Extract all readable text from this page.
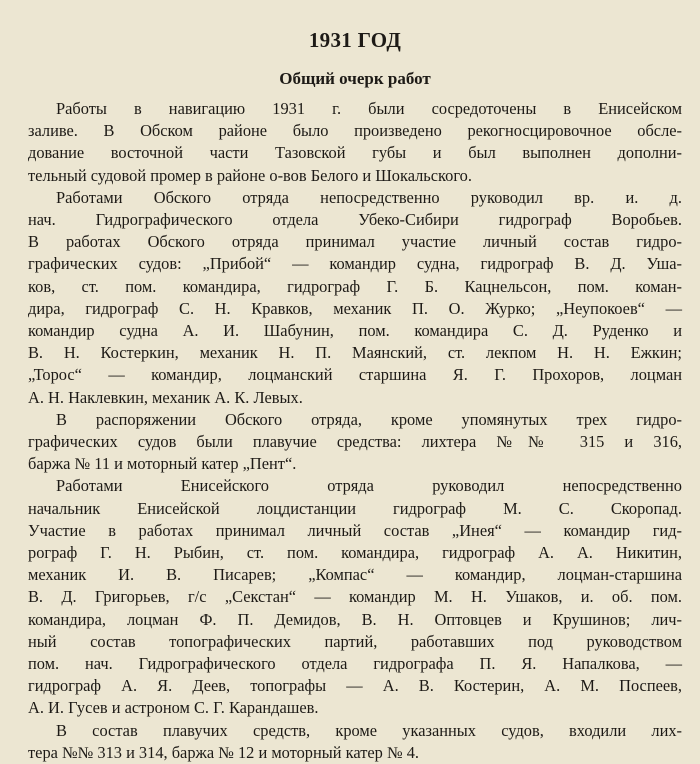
1931 ГОД
Общий очерк работ
Работы в навигацию 1931 г. были сосредоточены в Енисейском
заливе. В Обском районе было произведено рекогносцировочное обсле-
дование восточной части Тазовской губы и был выполнен дополни-
тельный судовой промер в районе о-вов Белого и Шокальского.
Работами Обского отряда непосредственно руководил вр. и. д.
нач. Гидрографического отдела Убеко-Сибири гидрограф Воробьев.
В работах Обского отряда принимал участие личный состав гидро-
графических судов: „Прибой“ — командир судна, гидрограф В. Д. Уша-
ков, ст. пом. командира, гидрограф Г. Б. Кацнельсон, пом. коман-
дира, гидрограф С. Н. Кравков, механик П. О. Журко; „Неупокоев“ —
командир судна А. И. Шабунин, пом. командира С. Д. Руденко и
В. Н. Костеркин, механик Н. П. Маянский, ст. лекпом Н. Н. Ежкин;
„Торос“ — командир, лоцманский старшина Я. Г. Прохоров, лоцман
А. Н. Наклевкин, механик А. К. Левых.
В распоряжении Обского отряда, кроме упомянутых трех гидро-
графических судов были плавучие средства: лихтера №№ 315 и 316,
баржа № 11 и моторный катер „Пент“.
Работами Енисейского отряда руководил непосредственно
начальник Енисейской лоцдистанции гидрограф М. С. Скоропад.
Участие в работах принимал личный состав „Инея“ — командир гид-
рограф Г. Н. Рыбин, ст. пом. командира, гидрограф А. А. Никитин,
механик И. В. Писарев; „Компас“ — командир, лоцман-старшина
В. Д. Григорьев, г/с „Секстан“ — командир М. Н. Ушаков, и. об. пом.
командира, лоцман Ф. П. Демидов, В. Н. Оптовцев и Крушинов; лич-
ный состав топографических партий, работавших под руководством
пом. нач. Гидрографического отдела гидрографа П. Я. Напалкова, —
гидрограф А. Я. Деев, топографы — А. В. Костерин, А. М. Поспеев,
А. И. Гусев и астроном С. Г. Карандашев.
В состав плавучих средств, кроме указанных судов, входили лих-
тера №№ 313 и 314, баржа № 12 и моторный катер № 4.
